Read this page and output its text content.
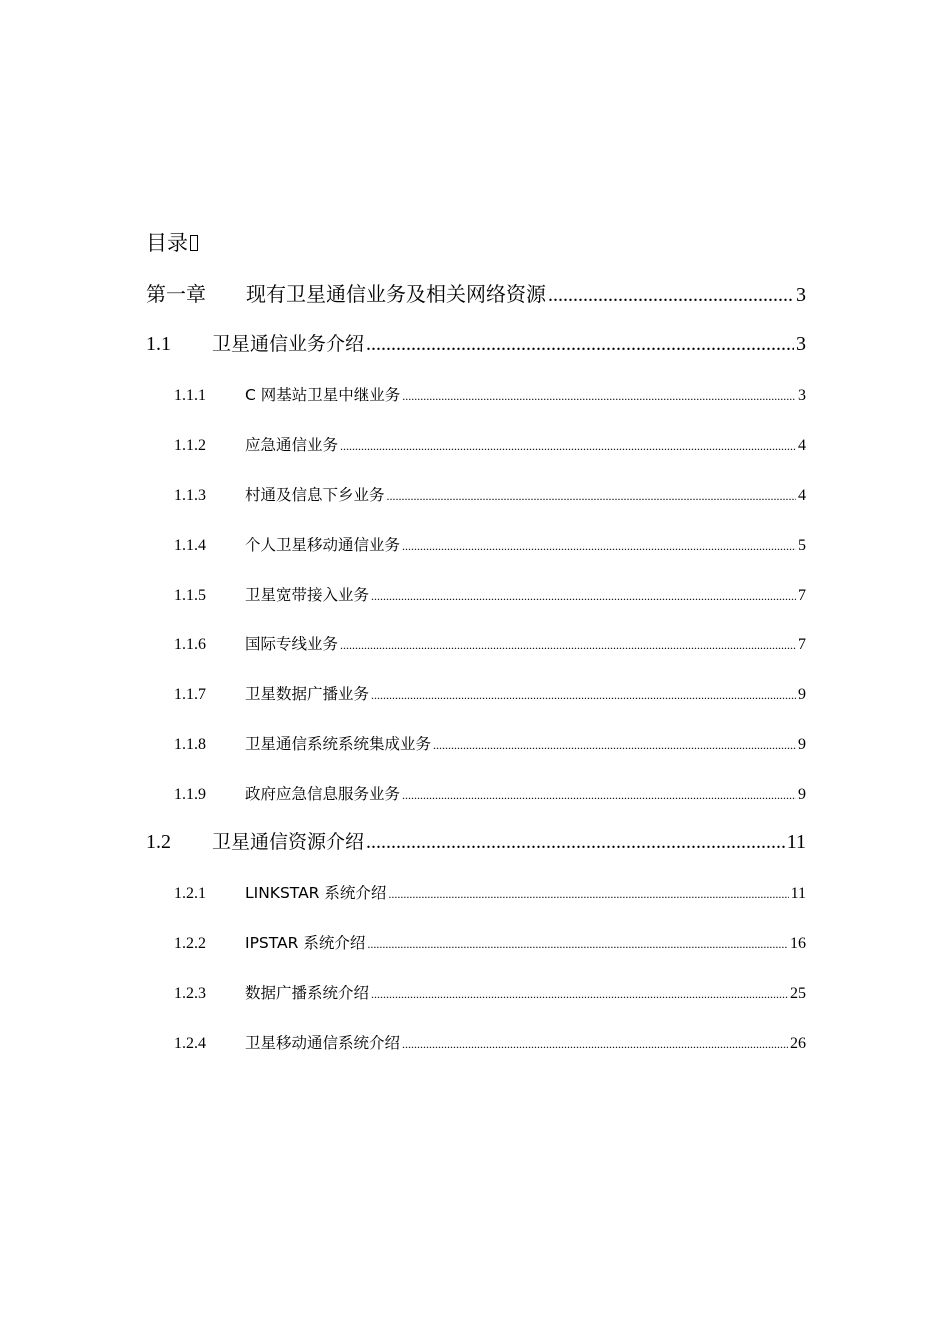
目录
第一章	现有卫星通信业务及相关网络资源 .....	3
1.1	卫星通信业务介绍 .....	3
1.1.1	C 网基站卫星中继业务 .....	3
1.1.2	应急通信业务 .....	4
1.1.3	村通及信息下乡业务 .....	4
1.1.4	个人卫星移动通信业务 .....	5
1.1.5	卫星宽带接入业务 .....	7
1.1.6	国际专线业务 .....	7
1.1.7	卫星数据广播业务 .....	9
1.1.8	卫星通信系统系统集成业务 .....	9
1.1.9	政府应急信息服务业务 .....	9
1.2	卫星通信资源介绍 .....	11
1.2.1	LINKSTAR 系统介绍 .....	11
1.2.2	IPSTAR 系统介绍 .....	16
1.2.3	数据广播系统介绍 .....	25
1.2.4	卫星移动通信系统介绍 .....	26
